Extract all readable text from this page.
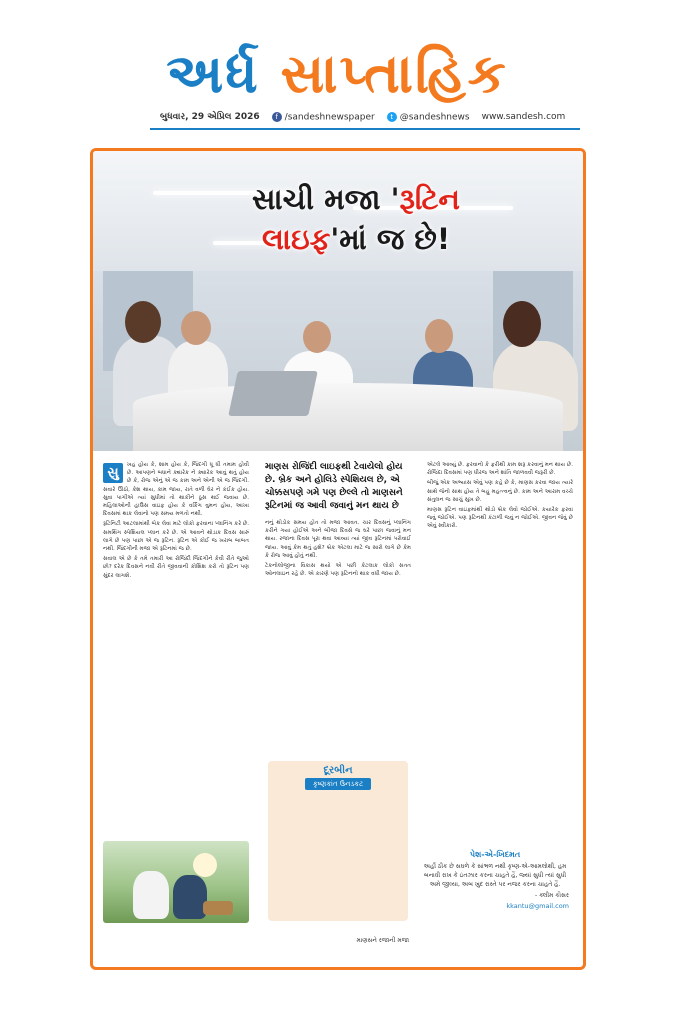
અર્ધ સાપ્તાહિક
બુધવાર, 29 એપ્રિલ 2026	f /sandeshnewspaper	t @sandeshnews www.sandesh.com
સાચી મજા 'રૂટિન
લાઇફ'માં જ છે!
સુ	ખહ હોય કે, શામ હોય કે, જિંદગી ધૂ ધી તમામ હોવી છે. આપણને બધાને ક્યારેક ને ક્યારેક આવું થતું હોય છે કે, રોજ એનું એ જ કામ અને એની એ જ જિંદગી. સવારે ઊઠો, કેશ થાય, કામ જાય, રાતે વળી ઘેર ને કંઈક હોય. સુવા પાગીએ ત્યાં સુધીમાં તો થાકીને ઠૂસ થઈ જવાય છે. મહિલાઓની હાઉસ વાઇફ હોય કે વર્કિંગ વુમન હોય, આખા દિવસમાં થાક લેવાનો પણ સમય મળતો નથી.

રૂટિનિટી આટલામાંથી બેક લેવા માટે લોકો ફરવાના પ્લાનિંગ કરે છે. સમથિંગ સ્પેશિયલ પ્લાન કરે છે. એ આવને થોડાક દિવસ સારું લાગે છે પણ પાછા એ જ રૂટિન. રૂટિન એ કોઈ જ ખરાબ બાબત નથી. જિંદગીની મજા એ રૂટિનમાં જ છે.

સવાલ એ છે કે તમે તમારી આ રોજિંદી જિંદગીને કેવી રીતે જુઓ છો? દરેક દિવસને નવી રીતે જીવવાની કોશિશ કરો તો રૂટિન પણ સુંદર લાગશે.

માણસ રોજિંદી લાઇફથી ટેવાયેલો હોય છે. બ્રેક અને હોલિડે સ્પેશિયલ છે, એ ચોક્કસપણે ગમે પણ છેલ્લે તો માણસને રૂટિનમાં જ આવી જવાનું મન થાય છે

નનું થોડોક સમય હોત તો મજા આવત. ચાર દિવસનું પ્લાનિંગ કરીને ગયા હોઈએ અને બીજા દિવસે જ ઘરે પાછા જવાનું મન થાય. રજાના દિવસ પૂરા થવા આવ્યા ત્યાં જીવ રૂટિનમાં પરોવાઈ જાય. આવું કેમ થતું હશે? બ્રેક એટલા માટે જ સારો લાગે છે કેમ કે રોજ આવું હોતું નથી.

ટેકનોલોજીના વિકાસ થયો એ પછી કેટલાક લોકો સતત ઓનલાઇન રહે છે. એ કારણે પણ રૂટિનનો થાક વધી જાય છે.

દૂરબીન
કૃષ્ણકાંત ઉનડકટ
માણસને રજાની મજા

એટલે આવ્યું છે. ફરવાનો કે ફરીથી કામ શરૂ કરવાનું મન થાય છે. રોજિંદા દિવસમાં પણ ધીરજ અને શાંતિ જાળવવી જરૂરી છે.

બીજું એક અભ્યાસ એવું પણ કહે છે કે, માણસ કરવા જાય ત્યારે સાથે જેનો સાથ હોય તે બહુ મહત્ત્વનું છે. કામ અને આરામ વચ્ચે સંતુલન જ સાચું સુખ છે.

માણસ રૂટિન વાઇફમાંથી થોડો બ્રેક લેવો જોઈએ. કયારેક ફરવા જવું જોઈએ. પણ રૂટિનથી કંટાળી જવું ન જોઈએ. જીવન જેવું છે એવું સ્વીકારો.

પેશ-એ-ખિદમત
અહીં ઠીક છે સઘળે કે સાંભળ નથી કૃષ્ણ-એ-આમલોથી, હમ બનાવી રાખ કે ઇંતઝાર કરના ચાહતે હૈં, જ્યાં સુધી ત્યાં સુધી અમે જીવ્યા, અબ ખુદ રાસ્તે પર નજર કરના ચાહતે હૈં.
- ક્લીમ કૌસર
kkantu@gmail.com
